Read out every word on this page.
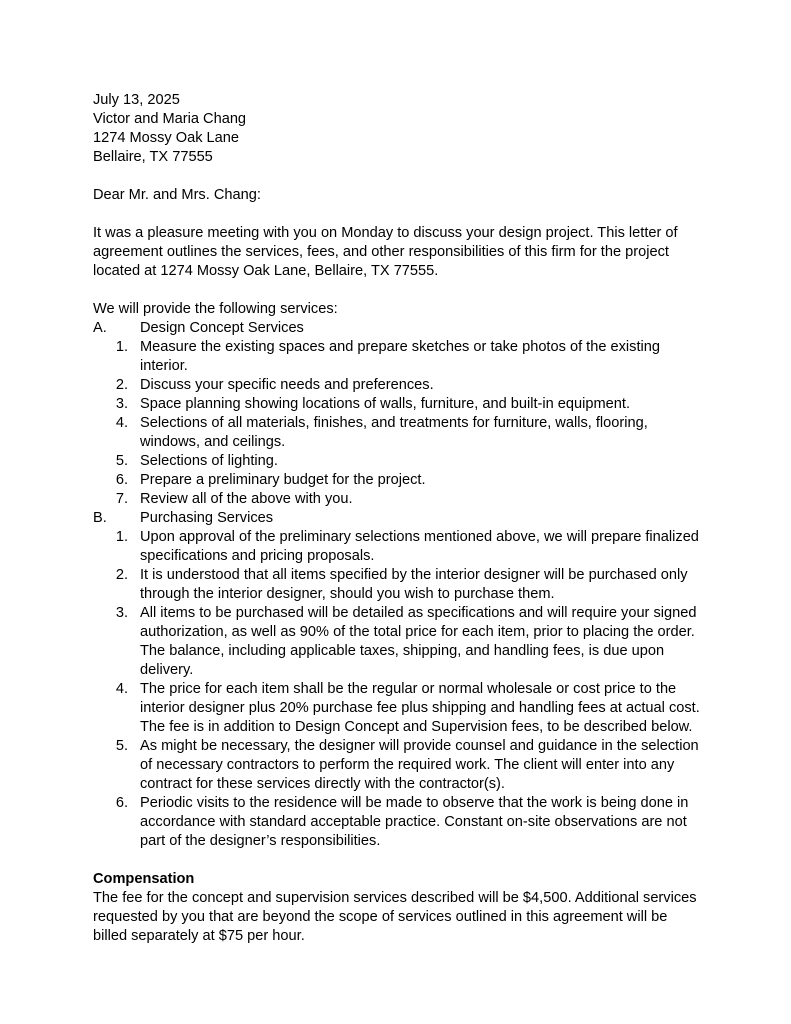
July 13, 2025
Victor and Maria Chang
1274 Mossy Oak Lane
Bellaire, TX 77555
Dear Mr. and Mrs. Chang:

It was a pleasure meeting with you on Monday to discuss your design project. This letter of agreement outlines the services, fees, and other responsibilities of this firm for the project located at 1274 Mossy Oak Lane, Bellaire, TX 77555.

We will provide the following services:
A.	Design Concept Services
1. Measure the existing spaces and prepare sketches or take photos of the existing interior.
2. Discuss your specific needs and preferences.
3. Space planning showing locations of walls, furniture, and built-in equipment.
4. Selections of all materials, finishes, and treatments for furniture, walls, flooring, windows, and ceilings.
5. Selections of lighting.
6. Prepare a preliminary budget for the project.
7. Review all of the above with you.
B.	Purchasing Services
1. Upon approval of the preliminary selections mentioned above, we will prepare finalized specifications and pricing proposals.
2. It is understood that all items specified by the interior designer will be purchased only through the interior designer, should you wish to purchase them.
3. All items to be purchased will be detailed as specifications and will require your signed authorization, as well as 90% of the total price for each item, prior to placing the order. The balance, including applicable taxes, shipping, and handling fees, is due upon delivery.
4. The price for each item shall be the regular or normal wholesale or cost price to the interior designer plus 20% purchase fee plus shipping and handling fees at actual cost. The fee is in addition to Design Concept and Supervision fees, to be described below.
5. As might be necessary, the designer will provide counsel and guidance in the selection of necessary contractors to perform the required work. The client will enter into any contract for these services directly with the contractor(s).
6. Periodic visits to the residence will be made to observe that the work is being done in accordance with standard acceptable practice. Constant on-site observations are not part of the designer’s responsibilities.
Compensation

The fee for the concept and supervision services described will be $4,500. Additional services requested by you that are beyond the scope of services outlined in this agreement will be billed separately at $75 per hour.
